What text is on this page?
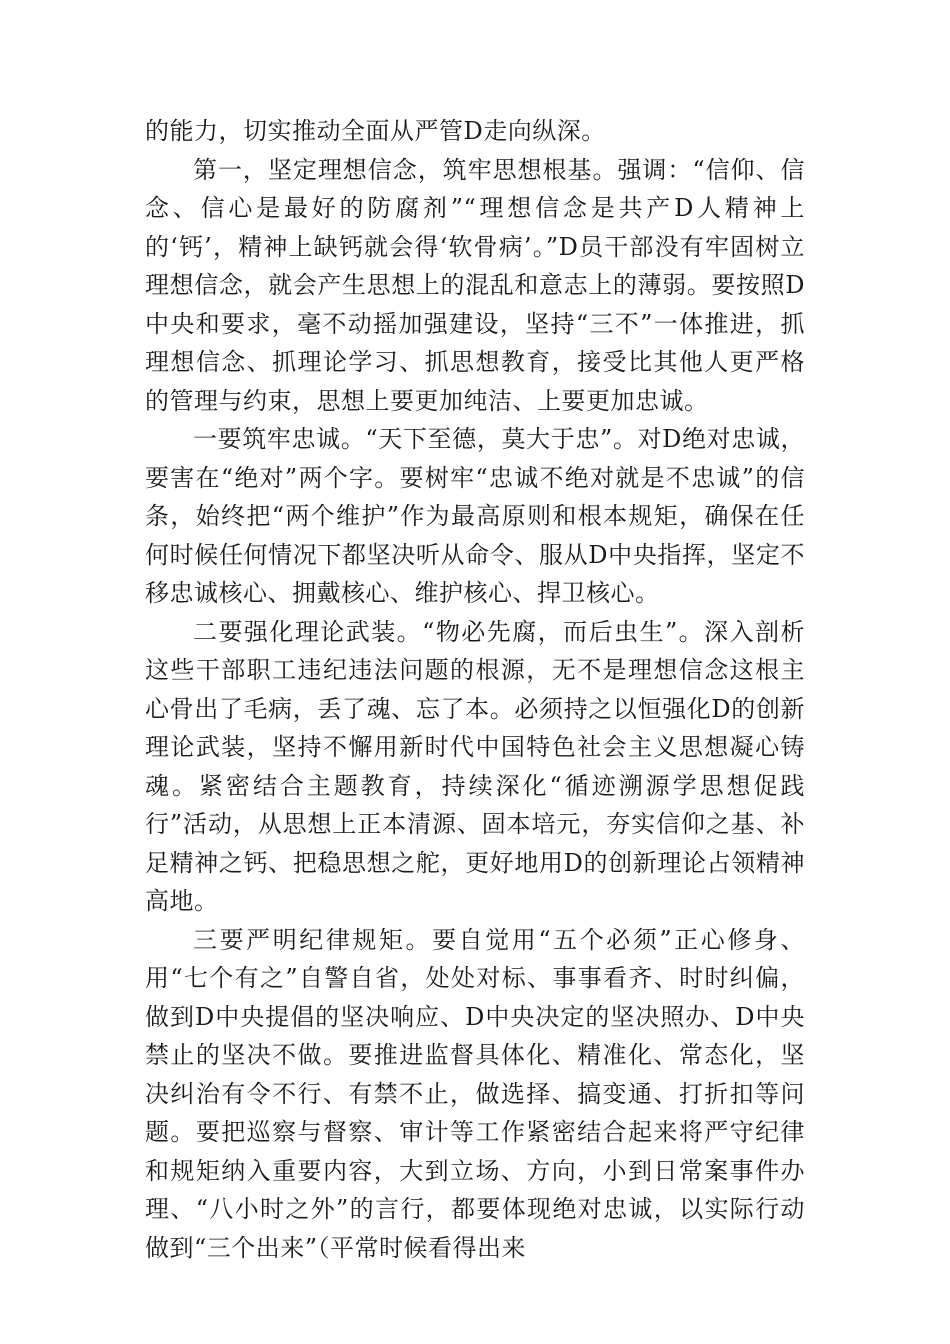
的能力，切实推动全面从严管D走向纵深。

第一，坚定理想信念，筑牢思想根基。强调：“信仰、信念、信心是最好的防腐剂”“理想信念是共产D人精神上的‘钙’，精神上缺钙就会得‘软骨病’。”D员干部没有牢固树立理想信念，就会产生思想上的混乱和意志上的薄弱。要按照D中央和要求，毫不动摇加强建设，坚持“三不”一体推进，抓理想信念、抓理论学习、抓思想教育，接受比其他人更严格的管理与约束，思想上要更加纯洁、上要更加忠诚。

一要筑牢忠诚。“天下至德，莫大于忠”。对D绝对忠诚，要害在“绝对”两个字。要树牢“忠诚不绝对就是不忠诚”的信条，始终把“两个维护”作为最高原则和根本规矩，确保在任何时候任何情况下都坚决听从命令、服从D中央指挥，坚定不移忠诚核心、拥戴核心、维护核心、捍卫核心。

二要强化理论武装。“物必先腐，而后虫生”。深入剖析这些干部职工违纪违法问题的根源，无不是理想信念这根主心骨出了毛病，丢了魂、忘了本。必须持之以恒强化D的创新理论武装，坚持不懈用新时代中国特色社会主义思想凝心铸魂。紧密结合主题教育，持续深化“循迹溯源学思想促践行”活动，从思想上正本清源、固本培元，夯实信仰之基、补足精神之钙、把稳思想之舵，更好地用D的创新理论占领精神高地。

三要严明纪律规矩。要自觉用“五个必须”正心修身、用“七个有之”自警自省，处处对标、事事看齐、时时纠偏，做到D中央提倡的坚决响应、D中央决定的坚决照办、D中央禁止的坚决不做。要推进监督具体化、精准化、常态化，坚决纠治有令不行、有禁不止，做选择、搞变通、打折扣等问题。要把巡察与督察、审计等工作紧密结合起来将严守纪律和规矩纳入重要内容，大到立场、方向，小到日常案事件办理、“八小时之外”的言行，都要体现绝对忠诚，以实际行动做到“三个出来”（平常时候看得出来
